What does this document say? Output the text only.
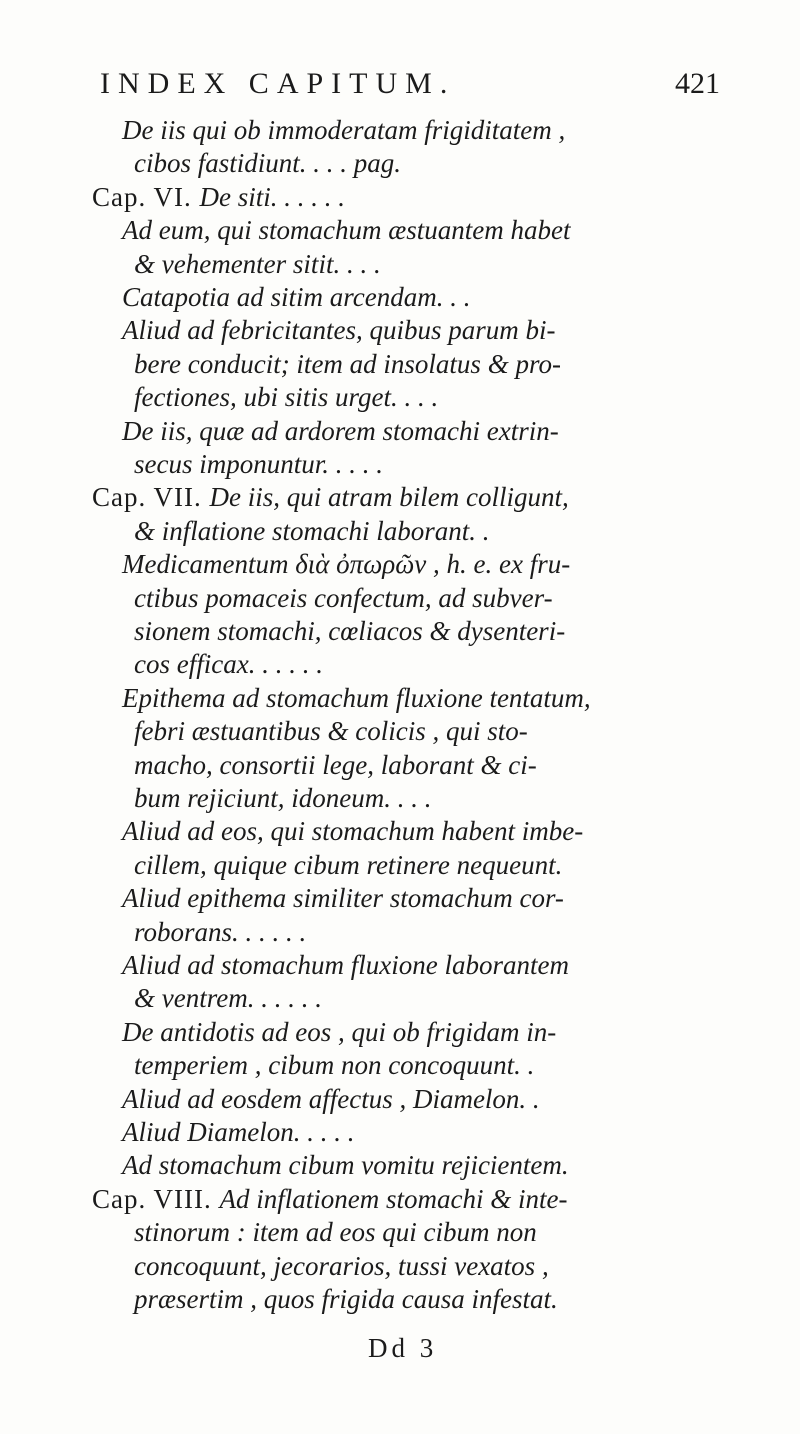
INDEX CAPITUM.	421
De iis qui ob immoderatam frigiditatem ,
cibos fastidiunt. . . . pag.
Cap. VI. De siti. . . . . .
Ad eum, qui stomachum æstuantem habet
& vehementer sitit. . . .
Catapotia ad sitim arcendam. . .
Aliud ad febricitantes, quibus parum bi-
bere conducit; item ad insolatus & pro-
fectiones, ubi sitis urget. . . .
De iis, quæ ad ardorem stomachi extrin-
secus imponuntur. . . . .
Cap. VII. De iis, qui atram bilem colligunt,
& inflatione stomachi laborant. .
Medicamentum διὰ ὀπωρῶν , h. e. ex fru-
ctibus pomaceis confectum, ad subver-
sionem stomachi, cœliacos & dysenteri-
cos efficax. . . . . .
Epithema ad stomachum fluxione tentatum,
febri æstuantibus & colicis , qui sto-
macho, consortii lege, laborant & ci-
bum rejiciunt, idoneum. . . .
Aliud ad eos, qui stomachum habent imbe-
cillem, quique cibum retinere nequeunt.
Aliud epithema similiter stomachum cor-
roborans. . . . . .
Aliud ad stomachum fluxione laborantem
& ventrem. . . . . .
De antidotis ad eos , qui ob frigidam in-
temperiem , cibum non concoquunt. .
Aliud ad eosdem affectus , Diamelon. .
Aliud Diamelon. . . . .
Ad stomachum cibum vomitu rejicientem.
Cap. VIII. Ad inflationem stomachi & inte-
stinorum : item ad eos qui cibum non
concoquunt, jecorarios, tussi vexatos ,
præsertim , quos frigida causa infestat.
Dd 3
